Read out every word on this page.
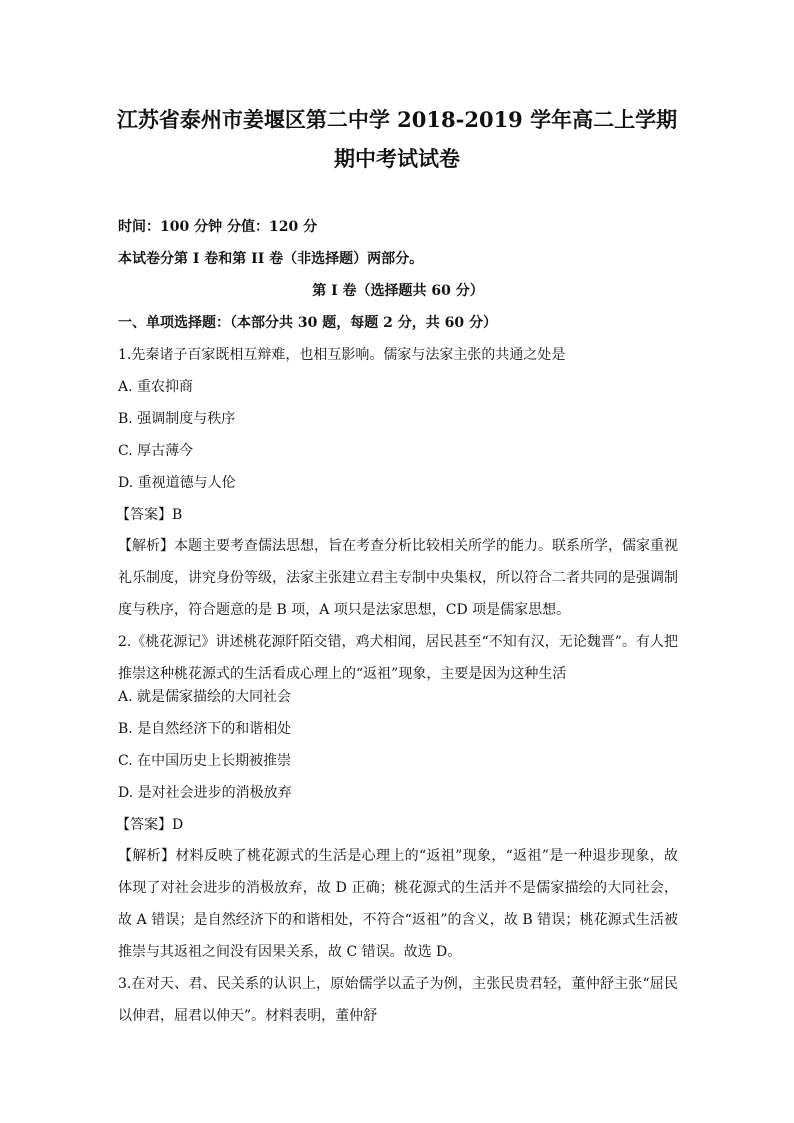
江苏省泰州市姜堰区第二中学 2018-2019 学年高二上学期
期中考试试卷
时间：100 分钟 分值：120 分
本试卷分第 I 卷和第 II 卷（非选择题）两部分。
第 I 卷（选择题共 60 分）
一、单项选择题：（本部分共 30 题，每题 2 分，共 60 分）
1.先秦诸子百家既相互辩难，也相互影响。儒家与法家主张的共通之处是
A. 重农抑商
B. 强调制度与秩序
C. 厚古薄今
D. 重视道德与人伦
【答案】B
【解析】本题主要考查儒法思想，旨在考查分析比较相关所学的能力。联系所学，儒家重视礼乐制度，讲究身份等级，法家主张建立君主专制中央集权，所以符合二者共同的是强调制度与秩序，符合题意的是 B 项，A 项只是法家思想，CD 项是儒家思想。
2.《桃花源记》讲述桃花源阡陌交错，鸡犬相闻，居民甚至“不知有汉，无论魏晋”。有人把推崇这种桃花源式的生活看成心理上的“返祖”现象，主要是因为这种生活
A. 就是儒家描绘的大同社会
B. 是自然经济下的和谐相处
C. 在中国历史上长期被推崇
D. 是对社会进步的消极放弃
【答案】D
【解析】材料反映了桃花源式的生活是心理上的“返祖”现象，“返祖”是一种退步现象，故体现了对社会进步的消极放弃，故 D 正确；桃花源式的生活并不是儒家描绘的大同社会，故 A 错误；是自然经济下的和谐相处，不符合“返祖”的含义，故 B 错误；桃花源式生活被推崇与其返祖之间没有因果关系，故 C 错误。故选 D。
3.在对天、君、民关系的认识上，原始儒学以孟子为例，主张民贵君轻，董仲舒主张“屈民以伸君，屈君以伸天”。材料表明，董仲舒
